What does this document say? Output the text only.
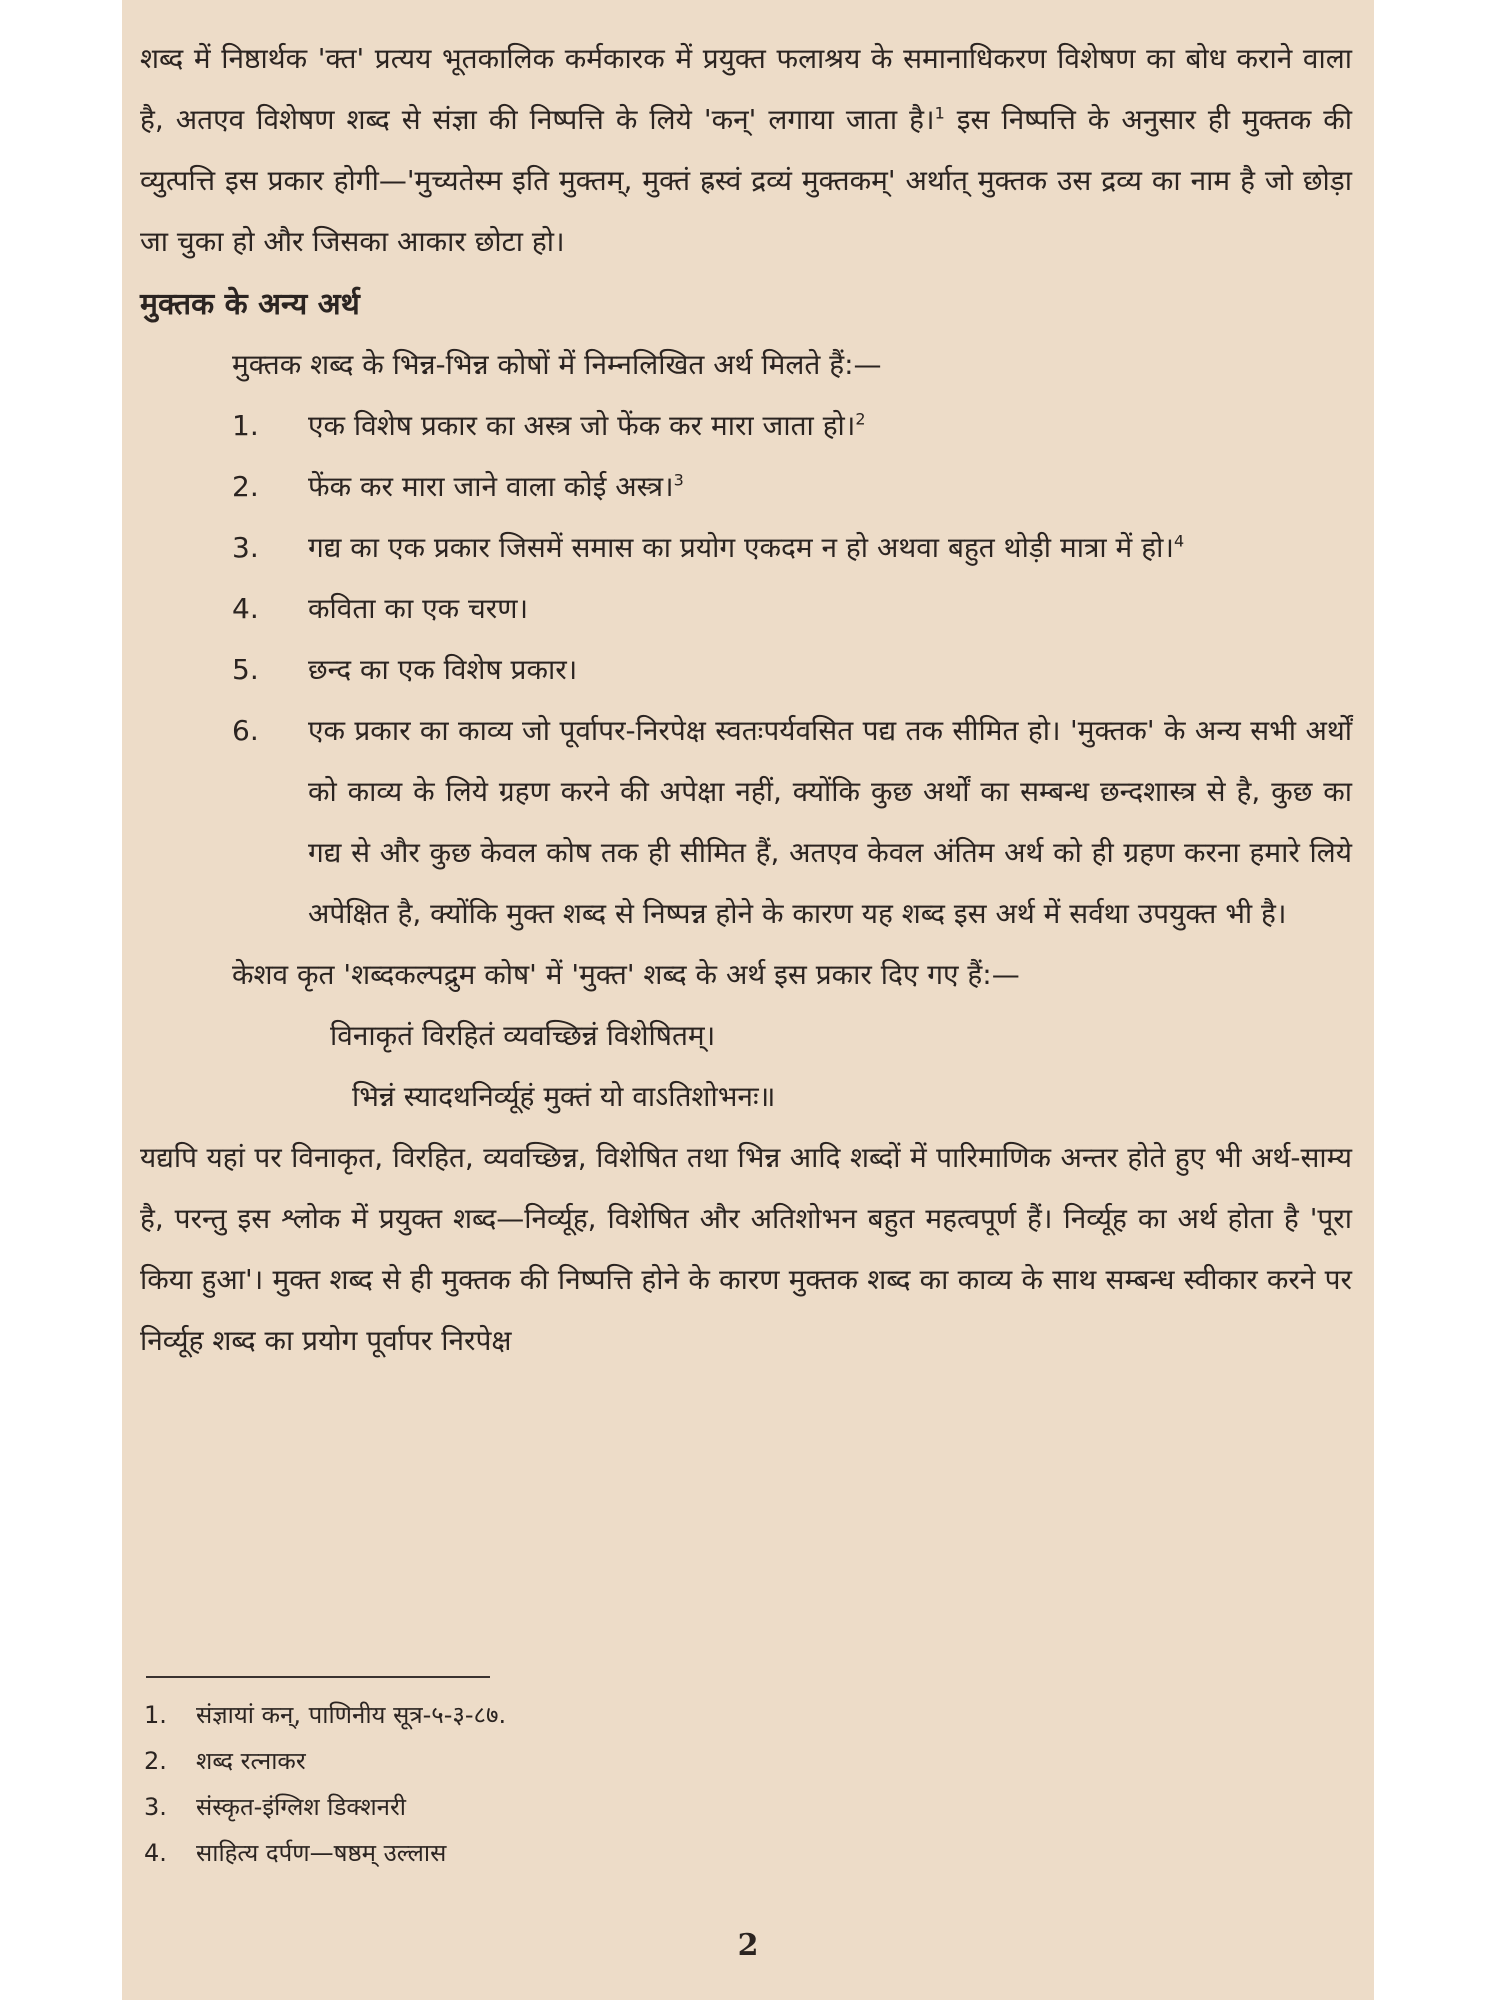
शब्द में निष्ठार्थक 'क्त' प्रत्यय भूतकालिक कर्मकारक में प्रयुक्त फलाश्रय के समानाधिकरण विशेषण का बोध कराने वाला है, अतएव विशेषण शब्द से संज्ञा की निष्पत्ति के लिये 'कन्' लगाया जाता है।$^1$ इस निष्पत्ति के अनुसार ही मुक्तक की व्युत्पत्ति इस प्रकार होगी—'मुच्यतेस्म इति मुक्तम्, मुक्तं ह्रस्वं द्रव्यं मुक्तकम्' अर्थात् मुक्तक उस द्रव्य का नाम है जो छोड़ा जा चुका हो और जिसका आकार छोटा हो।

मुक्तक के अन्य अर्थ

मुक्तक शब्द के भिन्न-भिन्न कोषों में निम्नलिखित अर्थ मिलते हैं:—

1.	एक विशेष प्रकार का अस्त्र जो फेंक कर मारा जाता हो।$^2$

2.	फेंक कर मारा जाने वाला कोई अस्त्र।$^3$

3.	गद्य का एक प्रकार जिसमें समास का प्रयोग एकदम न हो अथवा बहुत थोड़ी मात्रा में हो।$^4$

4.	कविता का एक चरण।

5.	छन्द का एक विशेष प्रकार।

6.	एक प्रकार का काव्य जो पूर्वापर-निरपेक्ष स्वतःपर्यवसित पद्य तक सीमित हो। 'मुक्तक' के अन्य सभी अर्थों को काव्य के लिये ग्रहण करने की अपेक्षा नहीं, क्योंकि कुछ अर्थों का सम्बन्ध छन्दशास्त्र से है, कुछ का गद्य से और कुछ केवल कोष तक ही सीमित हैं, अतएव केवल अंतिम अर्थ को ही ग्रहण करना हमारे लिये अपेक्षित है, क्योंकि मुक्त शब्द से निष्पन्न होने के कारण यह शब्द इस अर्थ में सर्वथा उपयुक्त भी है।

केशव कृत 'शब्दकल्पद्रुम कोष' में 'मुक्त' शब्द के अर्थ इस प्रकार दिए गए हैं:—

विनाकृतं विरहितं व्यवच्छिन्नं विशेषितम्।

भिन्नं स्यादथनिर्व्यूहं मुक्तं यो वाऽतिशोभनः॥

यद्यपि यहां पर विनाकृत, विरहित, व्यवच्छिन्न, विशेषित तथा भिन्न आदि शब्दों में पारिमाणिक अन्तर होते हुए भी अर्थ-साम्य है, परन्तु इस श्लोक में प्रयुक्त शब्द—निर्व्यूह, विशेषित और अतिशोभन बहुत महत्वपूर्ण हैं। निर्व्यूह का अर्थ होता है 'पूरा किया हुआ'। मुक्त शब्द से ही मुक्तक की निष्पत्ति होने के कारण मुक्तक शब्द का काव्य के साथ सम्बन्ध स्वीकार करने पर निर्व्यूह शब्द का प्रयोग पूर्वापर निरपेक्ष

1. संज्ञायां कन्, पाणिनीय सूत्र-५-३-८७.

2. शब्द रत्नाकर

3. संस्कृत-इंग्लिश डिक्शनरी

4. साहित्य दर्पण—षष्ठम् उल्लास

2
